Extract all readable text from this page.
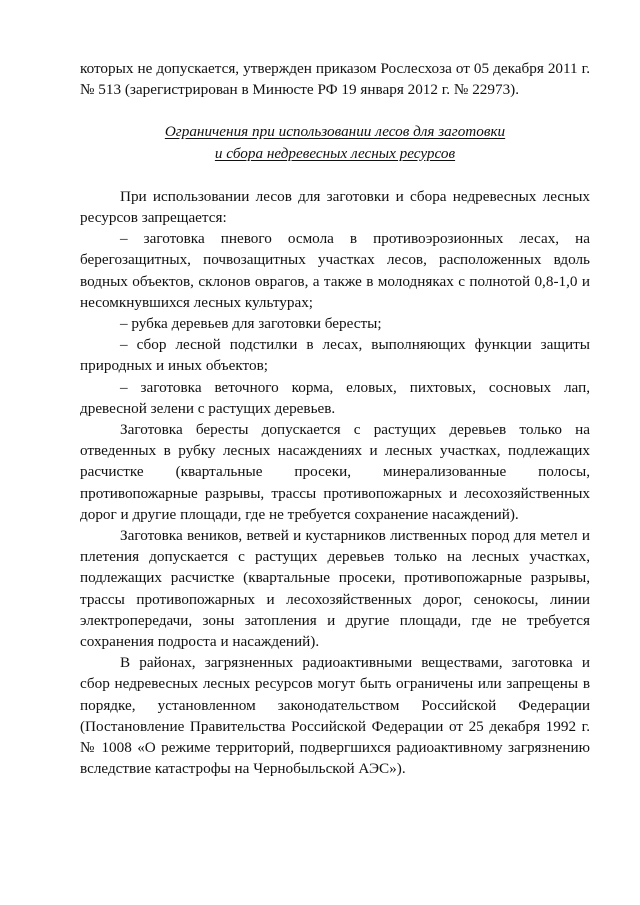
которых не допускается, утвержден приказом Рослесхоза от 05 декабря 2011 г. № 513 (зарегистрирован в Минюсте РФ 19 января 2012 г. № 22973).

Ограничения при использовании лесов для заготовки
и сбора недревесных лесных ресурсов

При использовании лесов для заготовки и сбора недревесных лесных ресурсов запрещается:

– заготовка пневого осмола в противоэрозионных лесах, на берегозащитных, почвозащитных участках лесов, расположенных вдоль водных объектов, склонов оврагов, а также в молодняках с полнотой 0,8-1,0 и несомкнувшихся лесных культурах;

– рубка деревьев для заготовки бересты;

– сбор лесной подстилки в лесах, выполняющих функции защиты природных и иных объектов;

– заготовка веточного корма, еловых, пихтовых, сосновых лап, древесной зелени с растущих деревьев.

Заготовка бересты допускается с растущих деревьев только на отведенных в рубку лесных насаждениях и лесных участках, подлежащих расчистке (квартальные просеки, минерализованные полосы, противопожарные разрывы, трассы противопожарных и лесохозяйственных дорог и другие площади, где не требуется сохранение насаждений).

Заготовка веников, ветвей и кустарников лиственных пород для метел и плетения допускается с растущих деревьев только на лесных участках, подлежащих расчистке (квартальные просеки, противопожарные разрывы, трассы противопожарных и лесохозяйственных дорог, сенокосы, линии электропередачи, зоны затопления и другие площади, где не требуется сохранения подроста и насаждений).

В районах, загрязненных радиоактивными веществами, заготовка и сбор недревесных лесных ресурсов могут быть ограничены или запрещены в порядке, установленном законодательством Российской Федерации (Постановление Правительства Российской Федерации от 25 декабря 1992 г. № 1008 «О режиме территорий, подвергшихся радиоактивному загрязнению вследствие катастрофы на Чернобыльской АЭС»).
